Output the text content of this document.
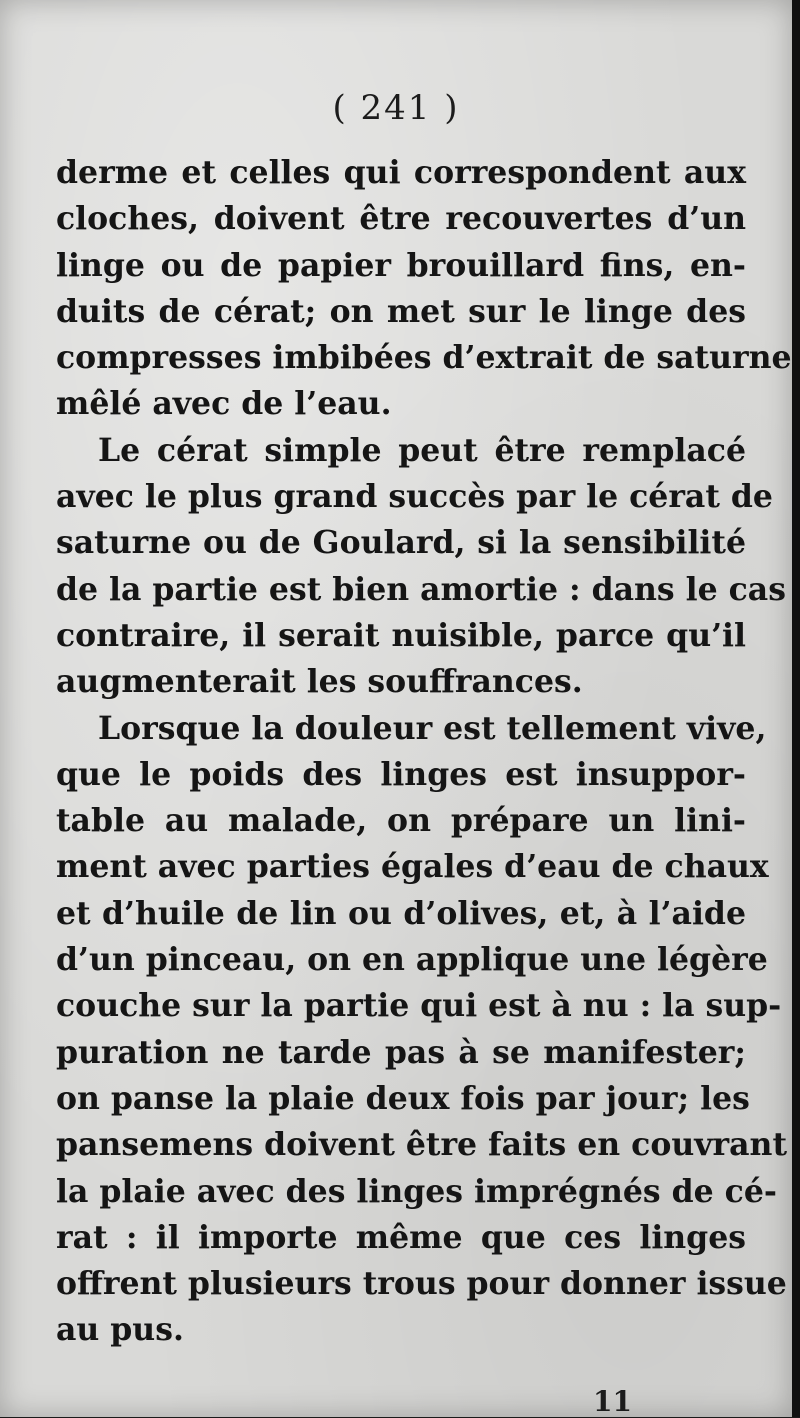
( 241 )
derme et celles qui correspondent aux
cloches, doivent être recouvertes d’un
linge ou de papier brouillard fins, en-
duits de cérat; on met sur le linge des
compresses imbibées d’extrait de saturne
mêlé avec de l’eau.
Le cérat simple peut être remplacé
avec le plus grand succès par le cérat de
saturne ou de Goulard, si la sensibilité
de la partie est bien amortie : dans le cas
contraire, il serait nuisible, parce qu’il
augmenterait les souffrances.
Lorsque la douleur est tellement vive,
que le poids des linges est insuppor-
table au malade, on prépare un lini-
ment avec parties égales d’eau de chaux
et d’huile de lin ou d’olives, et, à l’aide
d’un pinceau, on en applique une légère
couche sur la partie qui est à nu : la sup-
puration ne tarde pas à se manifester;
on panse la plaie deux fois par jour; les
pansemens doivent être faits en couvrant
la plaie avec des linges imprégnés de cé-
rat : il importe même que ces linges
offrent plusieurs trous pour donner issue
au pus.
11
